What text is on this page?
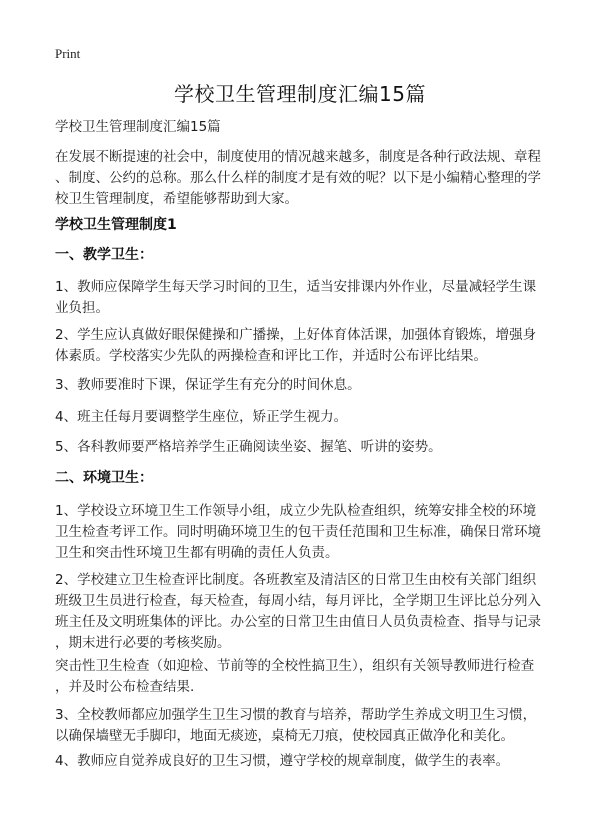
Print
学校卫生管理制度汇编15篇
学校卫生管理制度汇编15篇
在发展不断提速的社会中，制度使用的情况越来越多，制度是各种行政法规、章程
、制度、公约的总称。那么什么样的制度才是有效的呢？以下是小编精心整理的学
校卫生管理制度，希望能够帮助到大家。
学校卫生管理制度1
一、教学卫生：
1、教师应保障学生每天学习时间的卫生，适当安排课内外作业，尽量减轻学生课
业负担。
2、学生应认真做好眼保健操和广播操，上好体育体活课，加强体育锻炼，增强身
体素质。学校落实少先队的两操检查和评比工作，并适时公布评比结果。
3、教师要准时下课，保证学生有充分的时间休息。
4、班主任每月要调整学生座位，矫正学生视力。
5、各科教师要严格培养学生正确阅读坐姿、握笔、听讲的姿势。
二、环境卫生：
1、学校设立环境卫生工作领导小组，成立少先队检查组织，统筹安排全校的环境
卫生检查考评工作。同时明确环境卫生的包干责任范围和卫生标准，确保日常环境
卫生和突击性环境卫生都有明确的责任人负责。
2、学校建立卫生检查评比制度。各班教室及清洁区的日常卫生由校有关部门组织
班级卫生员进行检查，每天检查，每周小结，每月评比，全学期卫生评比总分列入
班主任及文明班集体的评比。办公室的日常卫生由值日人员负责检查、指导与记录
，期末进行必要的考核奖励。
突击性卫生检查（如迎检、节前等的全校性搞卫生），组织有关领导教师进行检查
，并及时公布检查结果.
3、全校教师都应加强学生卫生习惯的教育与培养，帮助学生养成文明卫生习惯，
以确保墙壁无手脚印，地面无痰迹，桌椅无刀痕，使校园真正做净化和美化。
4、教师应自觉养成良好的卫生习惯，遵守学校的规章制度，做学生的表率。
